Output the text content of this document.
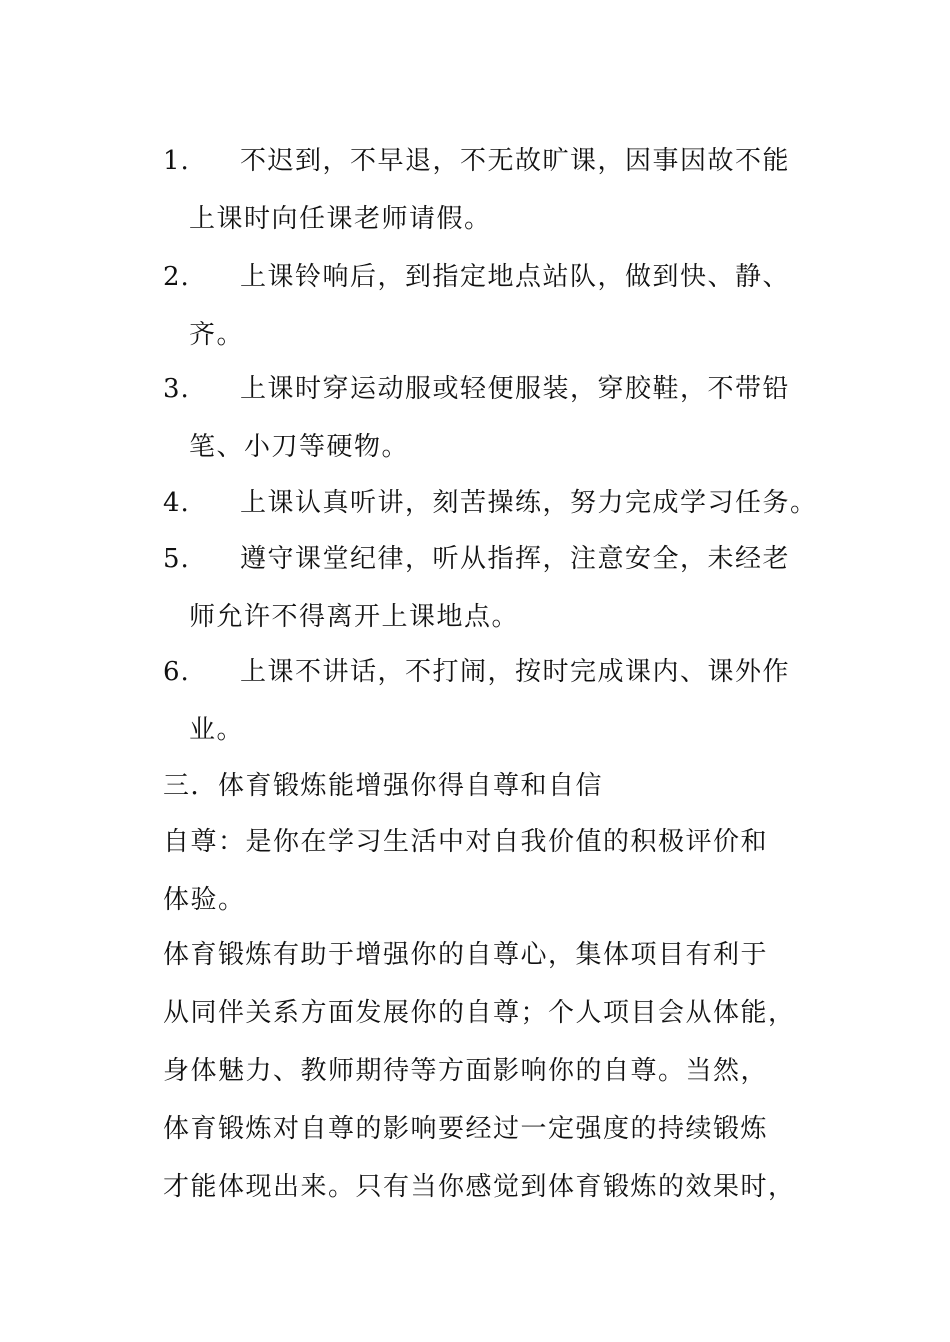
1. 不迟到，不早退，不无故旷课，因事因故不能
上课时向任课老师请假。
2. 上课铃响后，到指定地点站队，做到快、静、
齐。
3. 上课时穿运动服或轻便服装，穿胶鞋，不带铅
笔、小刀等硬物。
4. 上课认真听讲，刻苦操练，努力完成学习任务。
5. 遵守课堂纪律，听从指挥，注意安全，未经老
师允许不得离开上课地点。
6. 上课不讲话，不打闹，按时完成课内、课外作
业。
三．体育锻炼能增强你得自尊和自信
自尊：是你在学习生活中对自我价值的积极评价和
体验。
体育锻炼有助于增强你的自尊心，集体项目有利于
从同伴关系方面发展你的自尊；个人项目会从体能，
身体魅力、教师期待等方面影响你的自尊。当然，
体育锻炼对自尊的影响要经过一定强度的持续锻炼
才能体现出来。只有当你感觉到体育锻炼的效果时，
